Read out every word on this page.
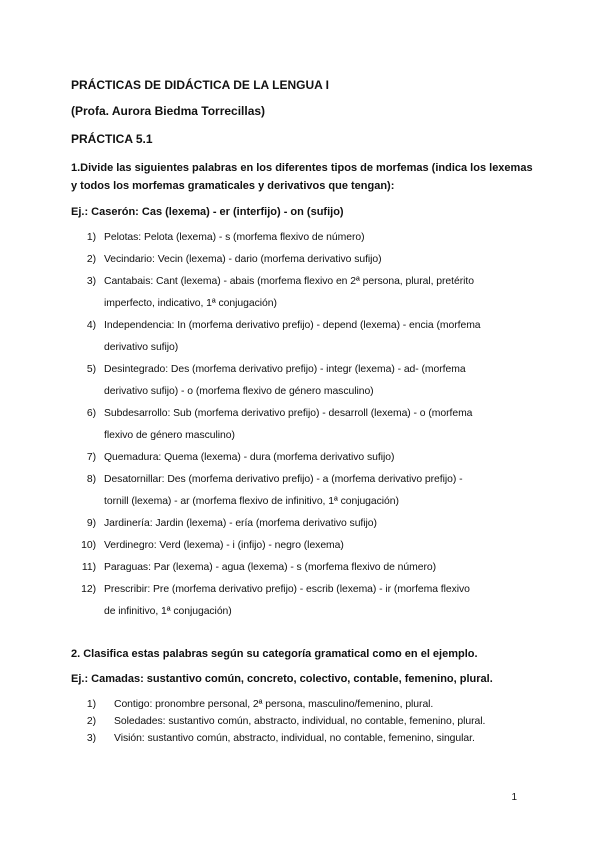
PRÁCTICAS DE DIDÁCTICA DE LA LENGUA I
(Profa. Aurora Biedma Torrecillas)
PRÁCTICA 5.1
1.Divide las siguientes palabras en los diferentes tipos de morfemas (indica los lexemas
y todos los morfemas gramaticales y derivativos que tengan):
Ej.: Caserón: Cas (lexema) - er (interfijo) - on (sufijo)
1) Pelotas: Pelota (lexema) - s (morfema flexivo de número)
2) Vecindario: Vecin (lexema) - dario (morfema derivativo sufijo)
3) Cantabais: Cant (lexema) - abais (morfema flexivo en 2ª persona, plural, pretérito
imperfecto, indicativo, 1ª conjugación)
4) Independencia: In (morfema derivativo prefijo) - depend (lexema) - encia (morfema
derivativo sufijo)
5) Desintegrado: Des (morfema derivativo prefijo) - integr (lexema) - ad- (morfema
derivativo sufijo) - o (morfema flexivo de género masculino)
6) Subdesarrollo: Sub (morfema derivativo prefijo) - desarroll (lexema) - o (morfema
flexivo de género masculino)
7) Quemadura: Quema (lexema) - dura (morfema derivativo sufijo)
8) Desatornillar: Des (morfema derivativo prefijo) - a (morfema derivativo prefijo) -
tornill (lexema) - ar (morfema flexivo de infinitivo, 1ª conjugación)
9) Jardinería: Jardin (lexema) - ería (morfema derivativo sufijo)
10) Verdinegro: Verd (lexema) - i (infijo) - negro (lexema)
11) Paraguas: Par (lexema) - agua (lexema) - s (morfema flexivo de número)
12) Prescribir: Pre (morfema derivativo prefijo) - escrib (lexema) - ir (morfema flexivo
de infinitivo, 1ª conjugación)
2. Clasifica estas palabras según su categoría gramatical como en el ejemplo.
Ej.: Camadas: sustantivo común, concreto, colectivo, contable, femenino, plural.
1) Contigo: pronombre personal, 2ª persona, masculino/femenino, plural.
2) Soledades: sustantivo común, abstracto, individual, no contable, femenino, plural.
3) Visión: sustantivo común, abstracto, individual, no contable, femenino, singular.
1
